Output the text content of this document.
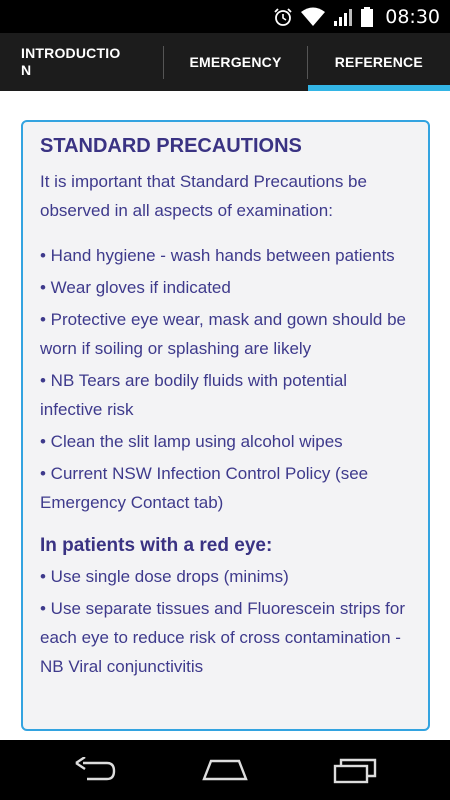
08:30
INTRODUCTION
EMERGENCY	REFERENCE
STANDARD PRECAUTIONS

It is important that Standard Precautions be observed in all aspects of examination:

• Hand hygiene - wash hands between patients
• Wear gloves if indicated
• Protective eye wear, mask and gown should be worn if soiling or splashing are likely
• NB Tears are bodily fluids with potential infective risk
• Clean the slit lamp using alcohol wipes
• Current NSW Infection Control Policy (see Emergency Contact tab)
In patients with a red eye:
• Use single dose drops (minims)
• Use separate tissues and Fluorescein strips for each eye to reduce risk of cross contamination - NB Viral conjunctivitis
